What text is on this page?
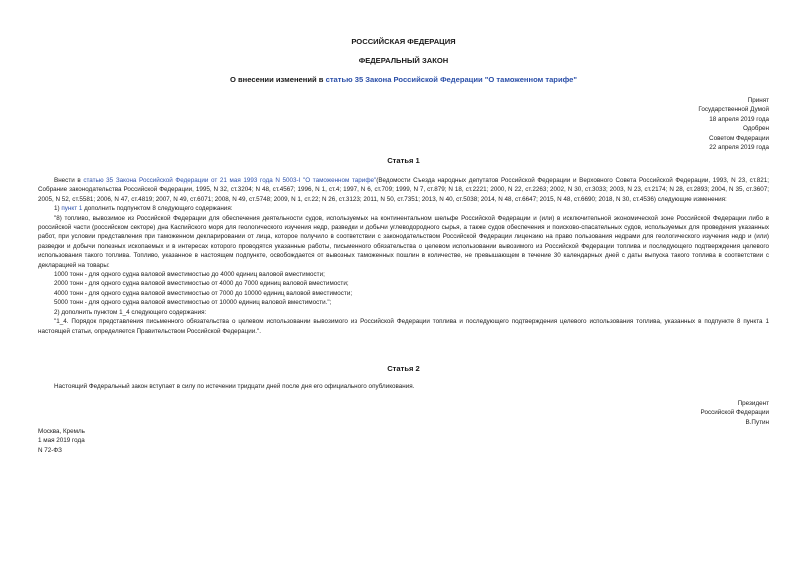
РОССИЙСКАЯ ФЕДЕРАЦИЯ
ФЕДЕРАЛЬНЫЙ ЗАКОН
О внесении изменений в статью 35 Закона Российской Федерации "О таможенном тарифе"
Принят
Государственной Думой
18 апреля 2019 года
Одобрен
Советом Федерации
22 апреля 2019 года
Статья 1

Внести в статью 35 Закона Российской Федерации от 21 мая 1993 года N 5003-I "О таможенном тарифе"(Ведомости Съезда народных депутатов Российской Федерации и Верховного Совета Российской Федерации, 1993, N 23, ст.821; Собрание законодательства Российской Федерации, 1995, N 32, ст.3204; N 48, ст.4567; 1996, N 1, ст.4; 1997, N 6, ст.709; 1999, N 7, ст.879; N 18, ст.2221; 2000, N 22, ст.2263; 2002, N 30, ст.3033; 2003, N 23, ст.2174; N 28, ст.2893; 2004, N 35, ст.3607; 2005, N 52, ст.5581; 2006, N 47, ст.4819; 2007, N 49, ст.6071; 2008, N 49, ст.5748; 2009, N 1, ст.22; N 26, ст.3123; 2011, N 50, ст.7351; 2013, N 40, ст.5038; 2014, N 48, ст.6647; 2015, N 48, ст.6690; 2018, N 30, ст.4536) следующие изменения:

1) пункт 1 дополнить подпунктом 8 следующего содержания:

"8) топливо, вывозимое из Российской Федерации для обеспечения деятельности судов, используемых на континентальном шельфе Российской Федерации и (или) в исключительной экономической зоне Российской Федерации либо в российской части (российском секторе) дна Каспийского моря для геологического изучения недр, разведки и добычи углеводородного сырья, а также судов обеспечения и поисково-спасательных судов, используемых для проведения указанных работ, при условии представления при таможенном декларировании от лица, которое получило в соответствии с законодательством Российской Федерации лицензию на право пользования недрами для геологического изучения недр и (или) разведки и добычи полезных ископаемых и в интересах которого проводятся указанные работы, письменного обязательства о целевом использовании вывозимого из Российской Федерации топлива и последующего подтверждения целевого использования такого топлива. Топливо, указанное в настоящем подпункте, освобождается от вывозных таможенных пошлин в количестве, не превышающем в течение 30 календарных дней с даты выпуска такого топлива в соответствии с декларацией на товары:

1000 тонн - для одного судна валовой вместимостью до 4000 единиц валовой вместимости;

2000 тонн - для одного судна валовой вместимостью от 4000 до 7000 единиц валовой вместимости;

4000 тонн - для одного судна валовой вместимостью от 7000 до 10000 единиц валовой вместимости;

5000 тонн - для одного судна валовой вместимостью от 10000 единиц валовой вместимости.";

2) дополнить пунктом 1_4 следующего содержания:

"1_4. Порядок представления письменного обязательства о целевом использовании вывозимого из Российской Федерации топлива и последующего подтверждения целевого использования топлива, указанных в подпункте 8 пункта 1 настоящей статьи, определяется Правительством Российской Федерации.".

Статья 2

Настоящий Федеральный закон вступает в силу по истечении тридцати дней после дня его официального опубликования.

Президент
Российской Федерации
В.Путин
Москва, Кремль
1 мая 2019 года
N 72-ФЗ
